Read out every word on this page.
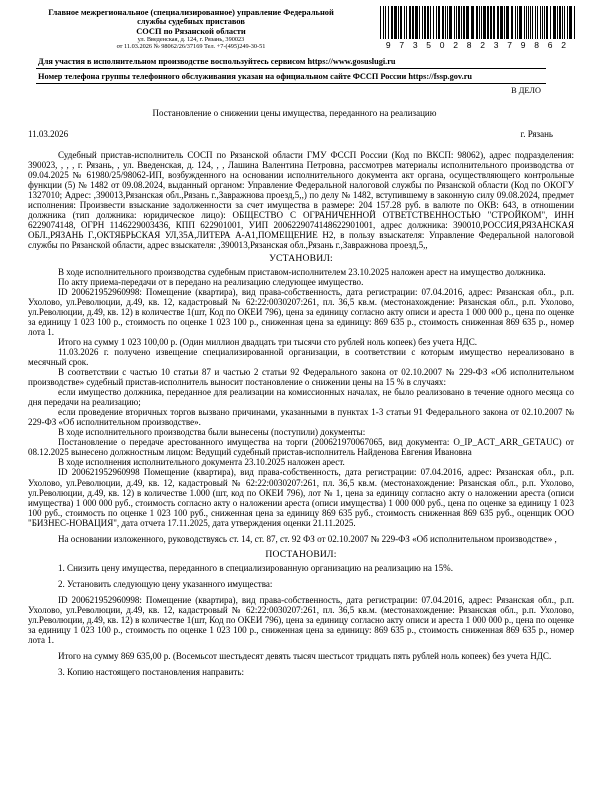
Главное межрегиональное (специализированное) управление Федеральной
службы судебных приставов
СОСП по Рязанской области
ул. Введенская, д. 124, г. Рязань, 390023
от 11.03.2026 № 98062/26/37169 Тел. +7-(495)249-30-51	9 7 3 5 0 2 8 2 3 7 9 8 6 2
Для участия в исполнительном производстве воспользуйтесь сервисом https://www.gosuslugi.ru
Номер телефона группы телефонного обслуживания указан на официальном сайте ФССП России https://fssp.gov.ru
В ДЕЛО
Постановление о снижении цены имущества, переданного на реализацию
11.03.2026	г. Рязань

Судебный пристав-исполнитель СОСП по Рязанской области ГМУ ФССП России (Код по ВКСП: 98062), адрес подразделения: 390023, , , , г. Рязань, , ул. Введенская, д. 124, , , Лашина Валентина Петровна, рассмотрев материалы исполнительного производства от 09.04.2025 № 61980/25/98062-ИП, возбужденного на основании исполнительного документа акт органа, осуществляющего контрольные функции (5) № 1482 от 09.08.2024, выданный органом: Управление Федеральной налоговой службы по Рязанской области (Код по ОКОГУ 1327010; Адрес: ,390013,Рязанская обл.,Рязань г.,Завражнова проезд,5,,) по делу № 1482, вступившему в законную силу 09.08.2024, предмет исполнения: Произвести взыскание задолженности за счет имущества в размере: 204 157.28 руб. в валюте по ОКВ: 643, в отношении должника (тип должника: юридическое лицо): ОБЩЕСТВО С ОГРАНИЧЕННОЙ ОТВЕТСТВЕННОСТЬЮ "СТРОЙКОМ", ИНН 6229074148, ОГРН 1146229003436, КПП 622901001, УИП 2006229074148622901001, адрес должника: 390010,РОССИЯ,РЯЗАНСКАЯ ОБЛ.,РЯЗАНЬ Г.,ОКТЯБРЬСКАЯ УЛ,35А,ЛИТЕРА А-А1,ПОМЕЩЕНИЕ Н2, в пользу взыскателя: Управление Федеральной налоговой службы по Рязанской области, адрес взыскателя: ,390013,Рязанская обл.,Рязань г.,Завражнова проезд,5,,

УСТАНОВИЛ:

В ходе исполнительного производства судебным приставом-исполнителем 23.10.2025 наложен арест на имущество должника.

По акту приема-передачи от в передано на реализацию следующее имущество.

ID 200621952960998: Помещение (квартира), вид права-собственность, дата регистрации: 07.04.2016, адрес: Рязанская обл., р.п. Ухолово, ул.Революции, д.49, кв. 12, кадастровый № 62:22:0030207:261, пл. 36,5 кв.м. (местонахождение: Рязанская обл., р.п. Ухолово, ул.Революции, д.49, кв. 12) в количестве 1(шт, Код по ОКЕИ 796), цена за единицу согласно акту описи и ареста 1 000 000 р., цена по оценке за единицу 1 023 100 р., стоимость по оценке 1 023 100 р., сниженная цена за единицу: 869 635 р., стоимость сниженная 869 635 р., номер лота 1.

Итого на сумму 1 023 100,00 р. (Один миллион двадцать три тысячи сто рублей ноль копеек) без учета НДС.

11.03.2026 г. получено извещение специализированной организации, в соответствии с которым имущество нереализовано в месячный срок.

В соответствии с частью 10 статьи 87 и частью 2 статьи 92 Федерального закона от 02.10.2007 № 229-ФЗ «Об исполнительном производстве» судебный пристав-исполнитель выносит постановление о снижении цены на 15 % в случаях:

если имущество должника, переданное для реализации на комиссионных началах, не было реализовано в течение одного месяца со дня передачи на реализацию;

если проведение вторичных торгов вызвано причинами, указанными в пунктах 1-3 статьи 91 Федерального закона от 02.10.2007 № 229-ФЗ «Об исполнительном производстве».

В ходе исполнительного производства были вынесены (поступили) документы:

Постановление о передаче арестованного имущества на торги (200621970067065, вид документа: O_IP_ACT_ARR_GETAUC) от 08.12.2025 вынесено должностным лицом: Ведущий судебный пристав-исполнитель Найденова Евгения Ивановна

В ходе исполнения исполнительного документа 23.10.2025 наложен арест.

ID 200621952960998 Помещение (квартира), вид права-собственность, дата регистрации: 07.04.2016, адрес: Рязанская обл., р.п. Ухолово, ул.Революции, д.49, кв. 12, кадастровый № 62:22:0030207:261, пл. 36,5 кв.м. (местонахождение: Рязанская обл., р.п. Ухолово, ул.Революции, д.49, кв. 12) в количестве 1.000 (шт, код по ОКЕИ 796), лот № 1, цена за единицу согласно акту о наложении ареста (описи имущества) 1 000 000 руб., стоимость согласно акту о наложении ареста (описи имущества) 1 000 000 руб., цена по оценке за единицу 1 023 100 руб., стоимость по оценке 1 023 100 руб., сниженная цена за единицу 869 635 руб., стоимость сниженная 869 635 руб., оценщик ООО "БИЗНЕС-НОВАЦИЯ", дата отчета 17.11.2025, дата утверждения оценки 21.11.2025.

На основании изложенного, руководствуясь ст. 14, ст. 87, ст. 92 ФЗ от 02.10.2007 № 229-ФЗ «Об исполнительном производстве» ,

ПОСТАНОВИЛ:

1. Снизить цену имущества, переданного в специализированную организацию на реализацию на 15%.

2. Установить следующую цену указанного имущества:

ID 200621952960998: Помещение (квартира), вид права-собственность, дата регистрации: 07.04.2016, адрес: Рязанская обл., р.п. Ухолово, ул.Революции, д.49, кв. 12, кадастровый № 62:22:0030207:261, пл. 36,5 кв.м. (местонахождение: Рязанская обл., р.п. Ухолово, ул.Революции, д.49, кв. 12) в количестве 1(шт, Код по ОКЕИ 796), цена за единицу согласно акту описи и ареста 1 000 000 р., цена по оценке за единицу 1 023 100 р., стоимость по оценке 1 023 100 р., сниженная цена за единицу: 869 635 р., стоимость сниженная 869 635 р., номер лота 1.

Итого на сумму 869 635,00 р. (Восемьсот шестьдесят девять тысяч шестьсот тридцать пять рублей ноль копеек) без учета НДС.

3. Копию настоящего постановления направить:
